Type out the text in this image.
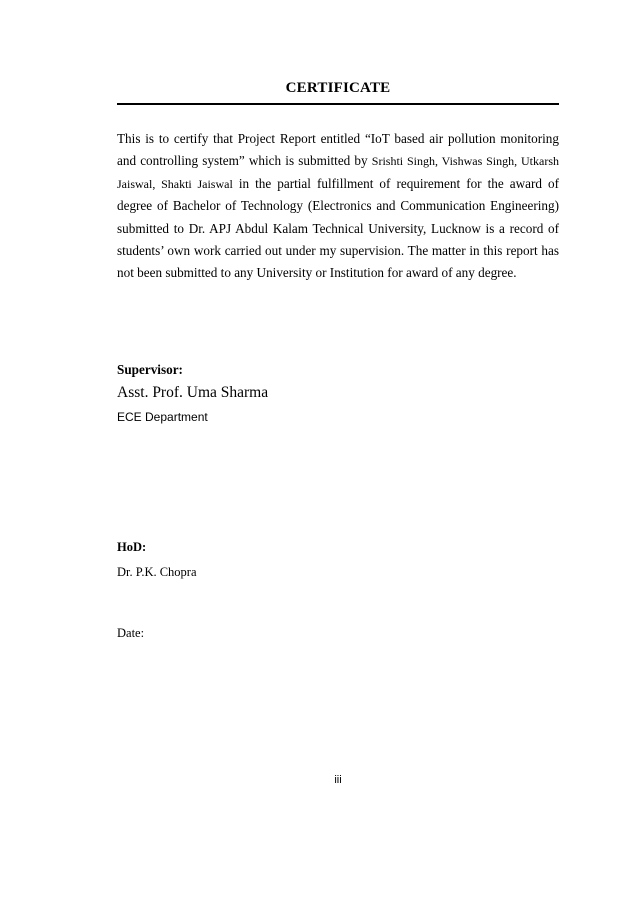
CERTIFICATE

This is to certify that Project Report entitled “IoT based air pollution monitoring and controlling system” which is submitted by Srishti Singh, Vishwas Singh, Utkarsh Jaiswal, Shakti Jaiswal in the partial fulfillment of requirement for the award of degree of Bachelor of Technology (Electronics and Communication Engineering) submitted to Dr. APJ Abdul Kalam Technical University, Lucknow is a record of students’ own work carried out under my supervision. The matter in this report has not been submitted to any University or Institution for award of any degree.

Supervisor:
Asst. Prof. Uma Sharma
ECE Department
HoD:
Dr. P.K. Chopra
Date:
iii
